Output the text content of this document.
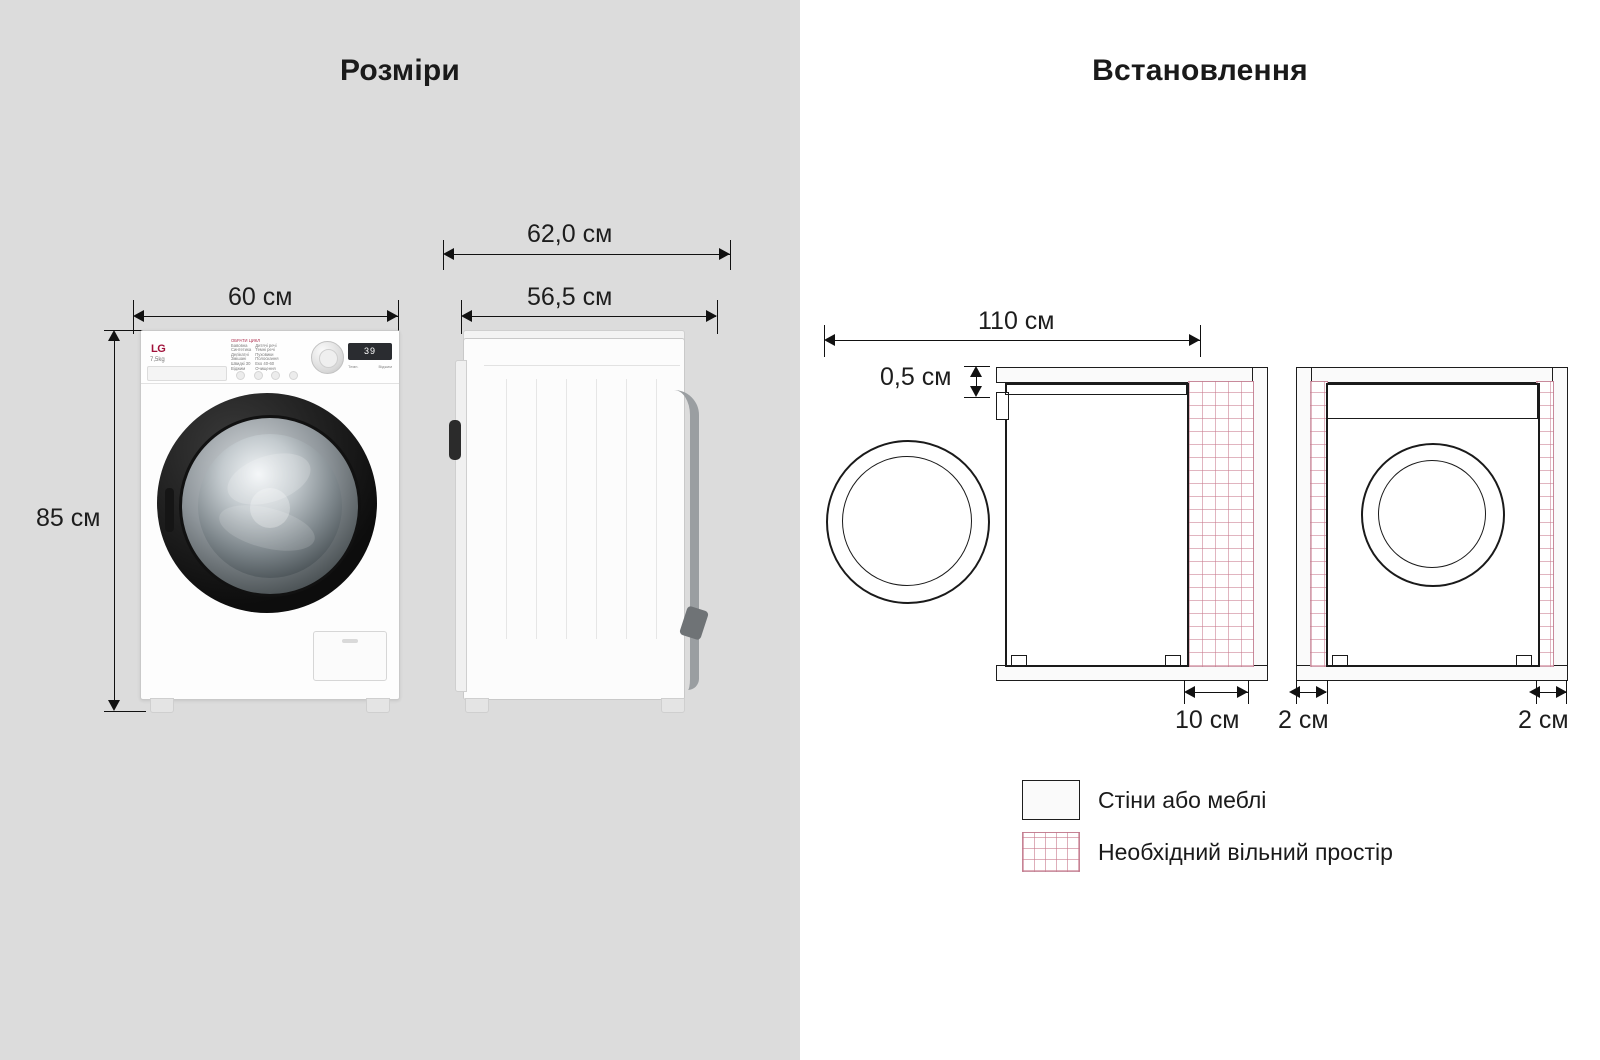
Розміри
85 см
60 см
62,0 см
56,5 см
LG
7,5kg
ОБРАТИ ЦИКЛ
Бавовна
Синтетика
Делікатні
Змішані
Швидкі 30
Віджим
Дитячі речі
Темні речі
Пуховики
Полоскання
Еко 40-60
Очищення
39
Темп.	Віджим
Встановлення
110 см
0,5 см
10 см 2 см	2 см
Стіни або меблі
Необхідний вільний простір
